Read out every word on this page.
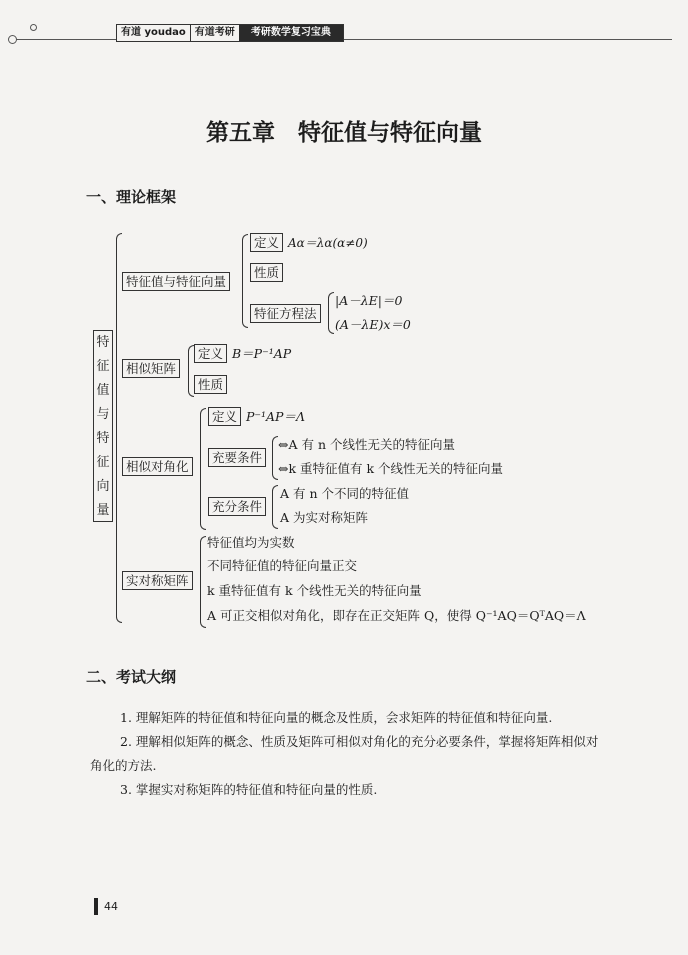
有道 youdao 有道考研	考研数学复习宝典
第五章　特征值与特征向量
一、理论框架
特征值与特征向量
特征值与特征向量
定义 Aα＝λα(α≠0)
性质
特征方程法
|A－λE|＝0
(A－λE)x＝0
相似矩阵
定义 B＝P⁻¹AP
性质
相似对角化
定义 P⁻¹AP＝Λ
充要条件
⇔A 有 n 个线性无关的特征向量
⇔k 重特征值有 k 个线性无关的特征向量
充分条件
A 有 n 个不同的特征值
A 为实对称矩阵
实对称矩阵
特征值均为实数
不同特征值的特征向量正交
k 重特征值有 k 个线性无关的特征向量
A 可正交相似对角化，即存在正交矩阵 Q，使得 Q⁻¹AQ＝QᵀAQ＝Λ
二、考试大纲
1. 理解矩阵的特征值和特征向量的概念及性质，会求矩阵的特征值和特征向量.
2. 理解相似矩阵的概念、性质及矩阵可相似对角化的充分必要条件，掌握将矩阵相似对角化的方法.
3. 掌握实对称矩阵的特征值和特征向量的性质.
44
